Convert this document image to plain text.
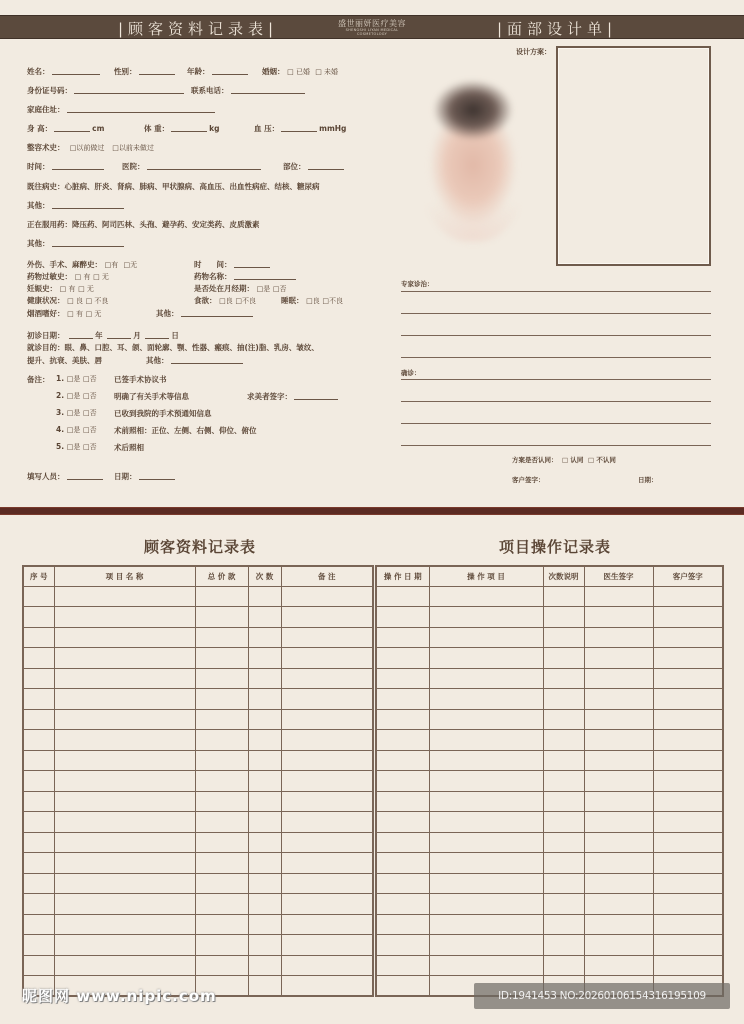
|顾客资料记录表|	盛世丽妍医疗美容
SHENGSHI LIYAN MEDICAL COSMETOLOGY	|面部设计单|
姓名：	性别：	年龄：	婚姻： □ 已婚 □ 未婚
身份证号码：	联系电话：
家庭住址：
身 高：	cm	体 重：	kg	血 压：	mmHg
整容术史： □以前做过 □以前未做过
时间：	医院：	部位：
既往病史：心脏病、肝炎、肾病、肺病、甲状腺病、高血压、出血性病症、结核、糖尿病
其他：
正在服用药：降压药、阿司匹林、头孢、避孕药、安定类药、皮质激素
其他：
外伤、手术、麻醉史： □有 □无	时　　间：
药物过敏史： □ 有 □ 无	药物名称：
妊娠史： □ 有 □ 无	是否处在月经期： □是 □否
健康状况： □ 良 □ 不良	食欲： □良 □不良	睡眠： □良 □不良
烟酒嗜好： □ 有 □ 无	其他：
初诊日期：	年	月	日
就诊目的：眼、鼻、口腔、耳、颌、面轮廓、颚、性器、瘢痕、抽(注)脂、乳房、皱纹、
提升、抗衰、美肤、唇	其他：
备注： 1. □是 □否 已签手术协议书
2. □是 □否 明确了有关手术等信息	求美者签字：
3. □是 □否 已收到我院的手术预通知信息
4. □是 □否 术前照相：正位、左侧、右侧、仰位、俯位
5. □是 □否 术后照相
填写人员：	日期：
设计方案：
专家诊治：
确诊：
方案是否认同： □ 认同 □ 不认同
客户签字：	日期：
顾客资料记录表	项目操作记录表
序 号	项 目 名 称	总 价 款	次 数	备 注

					操 作 日 期	操 作 项 目	次数说明	医生签字	客户签字

昵图网 www.nipic.com	ID:1941453 NO:20260106154316195109
